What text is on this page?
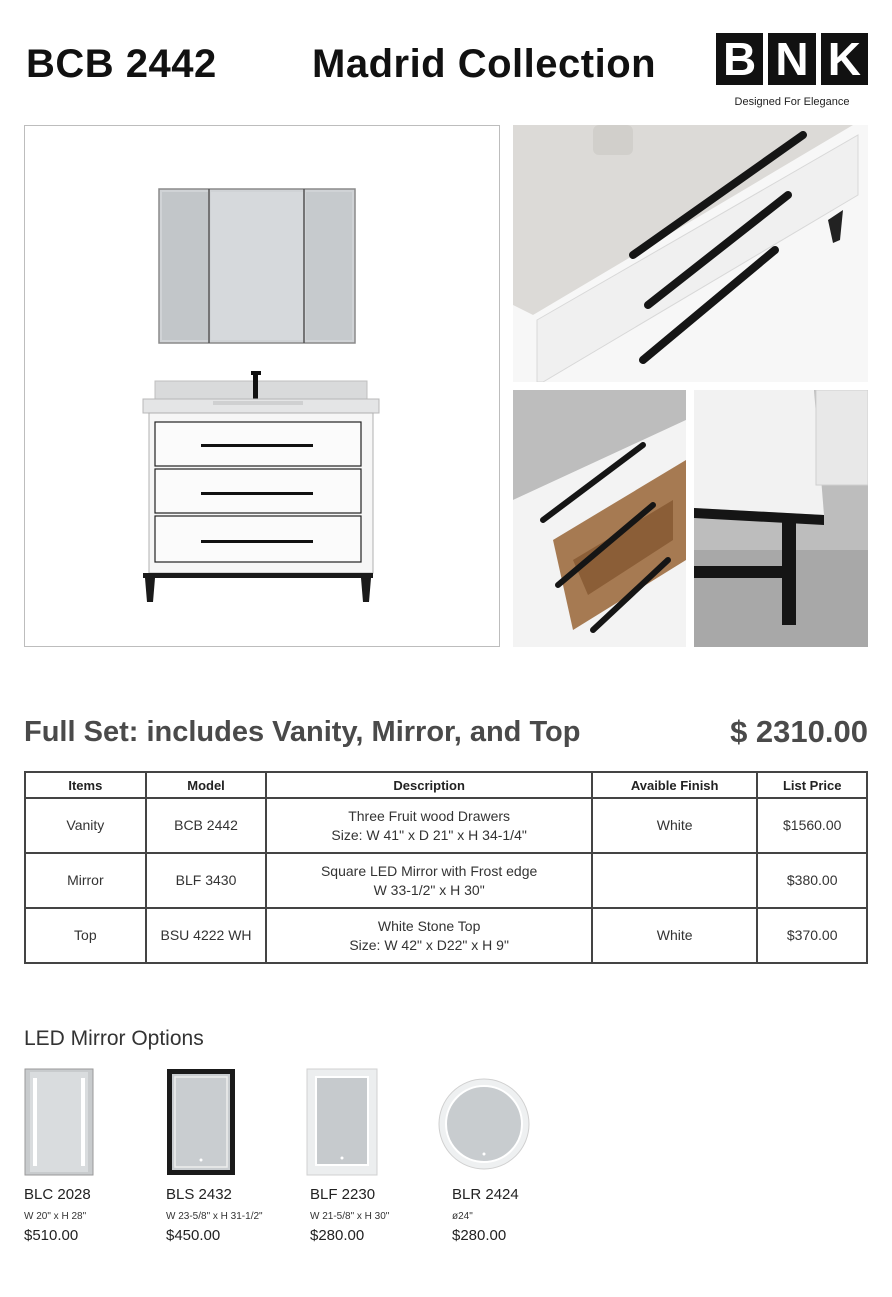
BCB 2442 Madrid Collection B N K
Designed For Elegance
Full Set: includes Vanity, Mirror, and Top	$ 2310.00
Items	Model	Description	Avaible Finish	List Price
Vanity	BCB 2442	Three Fruit wood Drawers
Size: W 41" x D 21" x H 34-1/4"	White	$1560.00
Mirror	BLF 3430	Square LED Mirror with Frost edge
W 33-1/2" x H 30"		$380.00
Top	BSU 4222 WH	White Stone Top
Size: W 42" x D22" x H 9"	White	$370.00
LED Mirror Options
BLC 2028
W 20" x H 28"
$510.00
BLS 2432
W 23-5/8" x H 31-1/2"
$450.00
BLF 2230
W 21-5/8" x H 30"
$280.00
BLR 2424
ø24"
$280.00
